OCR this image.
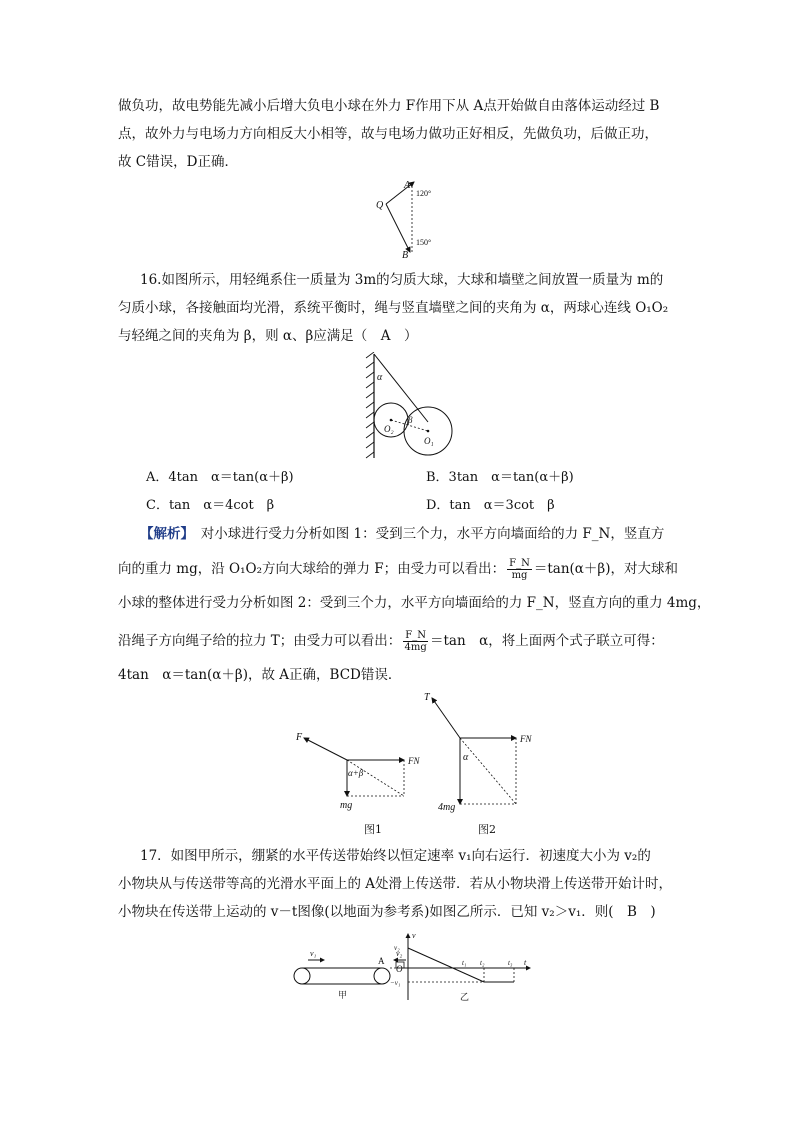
做负功，故电势能先减小后增大负电小球在外力 F作用下从 A点开始做自由落体运动经过 B
点，故外力与电场力方向相反大小相等，故与电场力做功正好相反，先做负功，后做正功，
故 C错误，D正确．
Q
A
B
120°
150°
16.如图所示，用轻绳系住一质量为 3m的匀质大球，大球和墙壁之间放置一质量为 m的
匀质小球，各接触面均光滑，系统平衡时，绳与竖直墙壁之间的夹角为 α，两球心连线 O₁O₂
与轻绳之间的夹角为 β，则 α、β应满足（　A　）
α
β
O₂
O₁
A．4tan　α＝tan(α＋β)	B．3tan　α＝tan(α＋β)
C．tan　α＝4cot　β	D．tan　α＝3cot　β
【解析】　对小球进行受力分析如图 1：受到三个力，水平方向墙面给的力 F_N，竖直方
向的重力 mg，沿 O₁O₂方向大球给的弹力 F；由受力可以看出： $\frac{F\_N}{mg} =\tan(\alpha+\beta)$，对大球和
小球的整体进行受力分析如图 2：受到三个力，水平方向墙面给的力 F_N，竖直方向的重力 4mg，
沿绳子方向绳子给的拉力 T；由受力可以看出： $\frac{F\_N}{4mg} =\tan$　α，将上面两个式子联立可得：
4tan　α＝tan(α＋β)，故 A正确，BCD错误．
F
FN
α+β
mg
T
FN
α
4mg
图1	图2
17．如图甲所示，绷紧的水平传送带始终以恒定速率 v₁向右运行．初速度大小为 v₂的
小物块从与传送带等高的光滑水平面上的 A处滑上传送带．若从小物块滑上传送带开始计时，
小物块在传送带上运动的 v－t图像(以地面为参考系)如图乙所示．已知 v₂＞v₁．则(　B　)
v₁
A
v₂
甲
v
v₂
O
−v₁
t₁ t₂	t₃ t
乙
